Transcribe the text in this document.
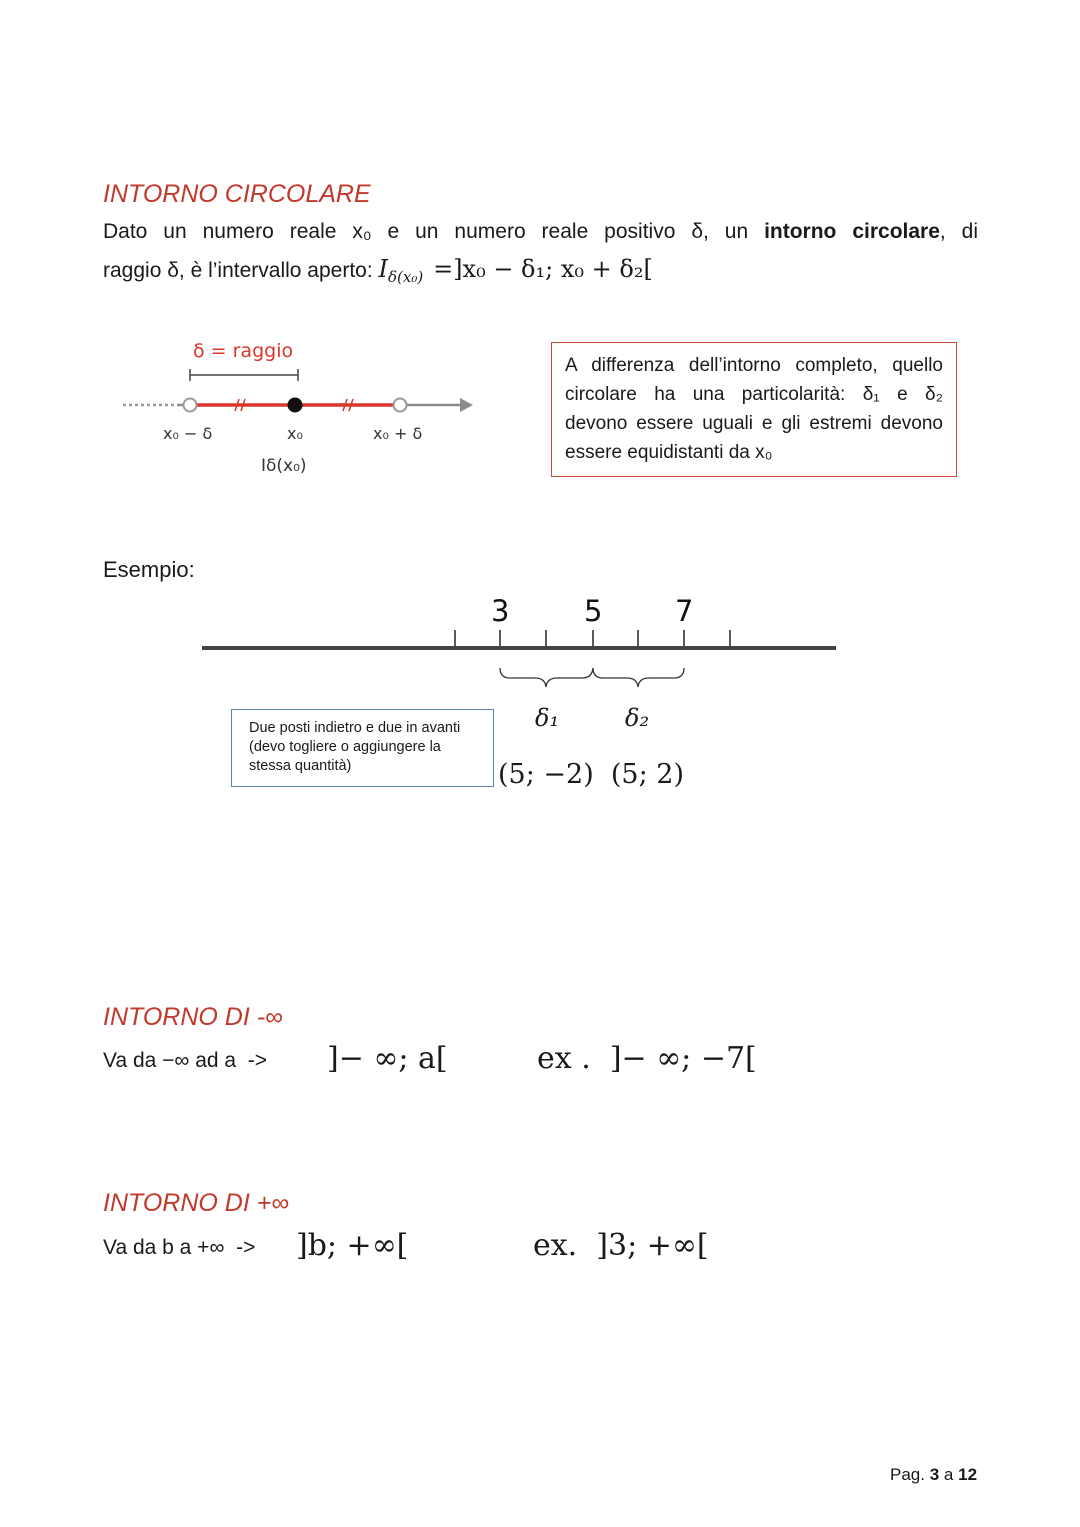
INTORNO CIRCOLARE
Dato un numero reale x₀ e un numero reale positivo δ, un intorno circolare, di
raggio δ, è l’intervallo aperto: $I_{\delta(x_0)} =]x_0 - \delta_1$; x₀ + δ₂[
δ = raggio
x₀ − δ	x₀	x₀ + δ
Iδ(x₀)
A differenza dell’intorno completo, quello
circolare ha una particolarità: δ₁ e δ₂
devono essere uguali e gli estremi devono
essere equidistanti da x₀
Esempio:
3	5	7
δ₁	δ₂
Due posti indietro e due in avanti
(devo togliere o aggiungere la
stessa quantità)	(5; −2)  (5; 2)
INTORNO DI -∞
Va da −∞ ad a  -> ]− ∞; a[	ex .  ]− ∞; −7[
INTORNO DI +∞
Va da b a +∞  -> ]b; +∞[	ex.  ]3; +∞[
Pag. 3 a 12
